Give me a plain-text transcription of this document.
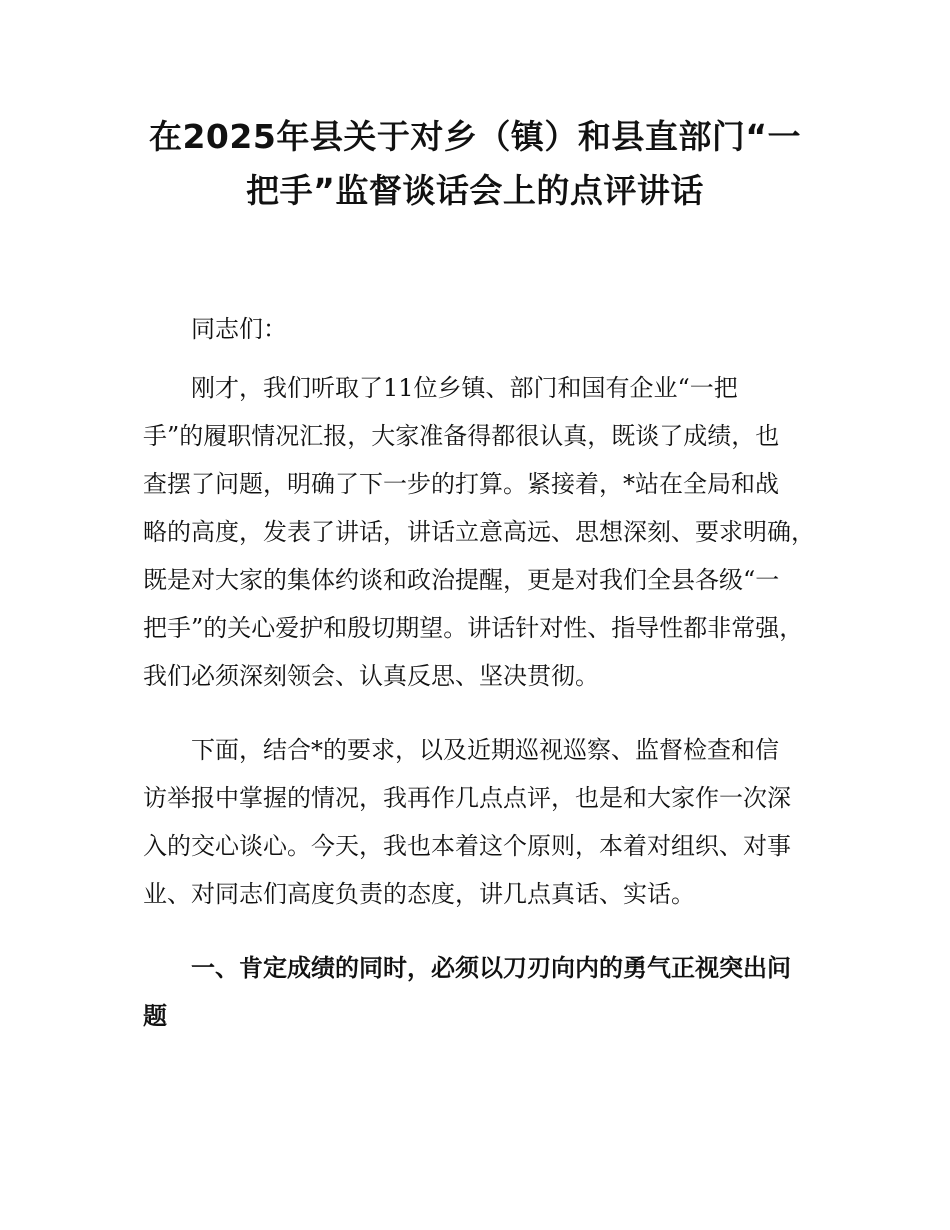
在2025年县关于对乡（镇）和县直部门“一
把手”监督谈话会上的点评讲话

同志们：

刚才，我们听取了11位乡镇、部门和国有企业“一把
手”的履职情况汇报，大家准备得都很认真，既谈了成绩，也
查摆了问题，明确了下一步的打算。紧接着，*站在全局和战
略的高度，发表了讲话，讲话立意高远、思想深刻、要求明确，
既是对大家的集体约谈和政治提醒，更是对我们全县各级“一
把手”的关心爱护和殷切期望。讲话针对性、指导性都非常强，
我们必须深刻领会、认真反思、坚决贯彻。

下面，结合*的要求，以及近期巡视巡察、监督检查和信
访举报中掌握的情况，我再作几点点评，也是和大家作一次深
入的交心谈心。今天，我也本着这个原则，本着对组织、对事
业、对同志们高度负责的态度，讲几点真话、实话。

一、肯定成绩的同时，必须以刀刃向内的勇气正视突出问
题
